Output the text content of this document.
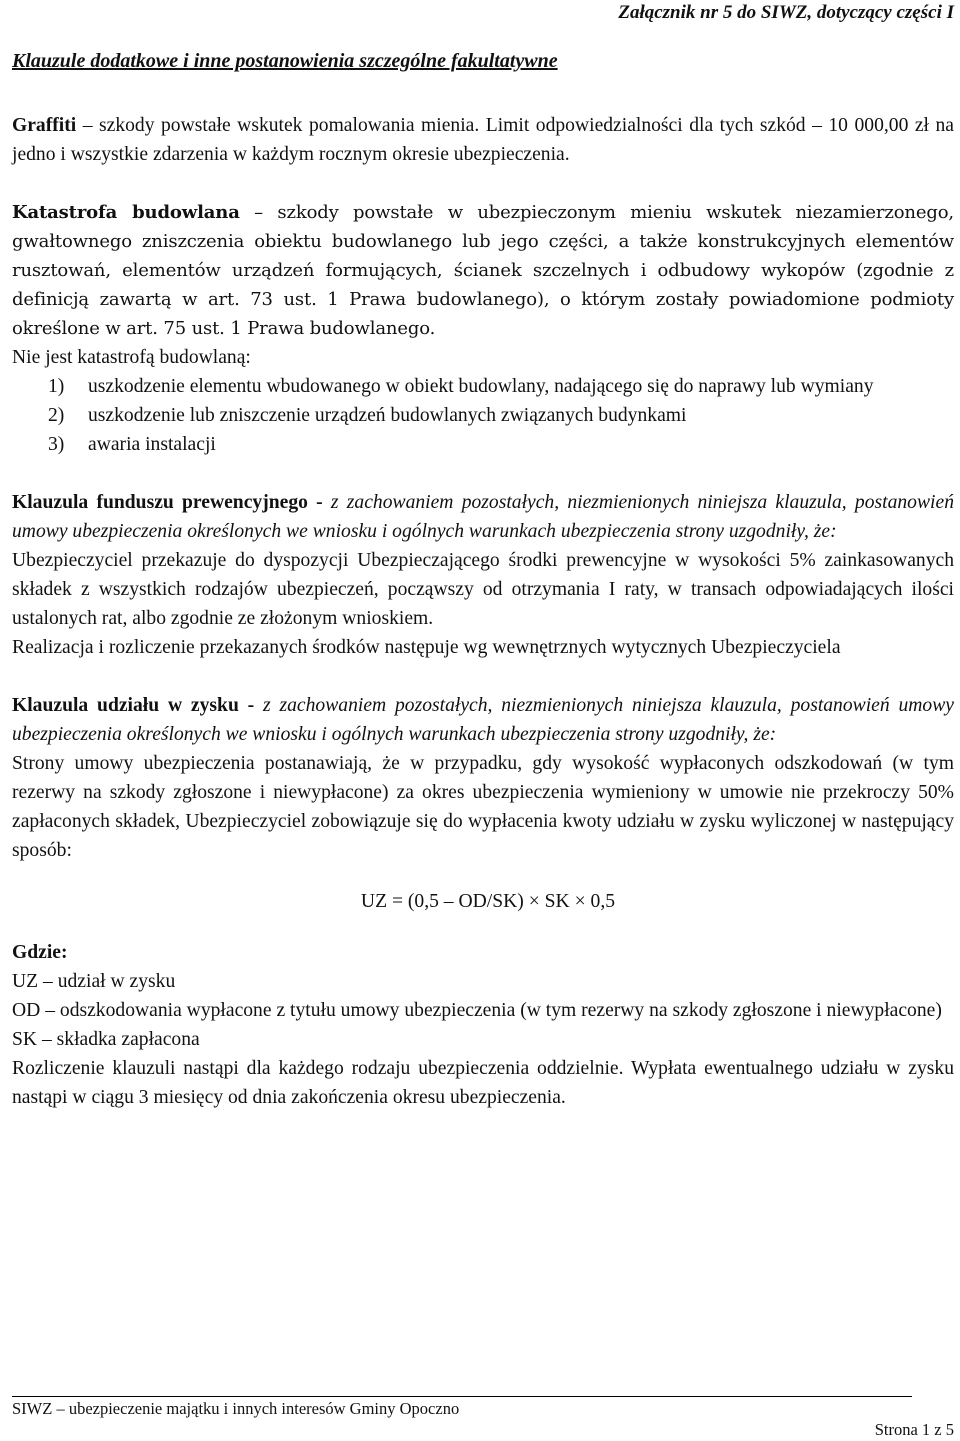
Załącznik nr 5 do SIWZ, dotyczący części I
Klauzule dodatkowe i inne postanowienia szczególne fakultatywne

Graffiti – szkody powstałe wskutek pomalowania mienia. Limit odpowiedzialności dla tych szkód – 10 000,00 zł na jedno i wszystkie zdarzenia w każdym rocznym okresie ubezpieczenia.

Katastrofa budowlana – szkody powstałe w ubezpieczonym mieniu wskutek niezamierzonego, gwałtownego zniszczenia obiektu budowlanego lub jego części, a także konstrukcyjnych elementów rusztowań, elementów urządzeń formujących, ścianek szczelnych i odbudowy wykopów (zgodnie z definicją zawartą w art. 73 ust. 1 Prawa budowlanego), o którym zostały powiadomione podmioty określone w art. 75 ust. 1 Prawa budowlanego.

Nie jest katastrofą budowlaną:

1) uszkodzenie elementu wbudowanego w obiekt budowlany, nadającego się do naprawy lub wymiany
2) uszkodzenie lub zniszczenie urządzeń budowlanych związanych budynkami
3) awaria instalacji

Klauzula funduszu prewencyjnego - z zachowaniem pozostałych, niezmienionych niniejsza klauzula, postanowień umowy ubezpieczenia określonych we wniosku i ogólnych warunkach ubezpieczenia strony uzgodniły, że:

Ubezpieczyciel przekazuje do dyspozycji Ubezpieczającego środki prewencyjne w wysokości 5% zainkasowanych składek z wszystkich rodzajów ubezpieczeń, począwszy od otrzymania I raty, w transach odpowiadających ilości ustalonych rat, albo zgodnie ze złożonym wnioskiem.

Realizacja i rozliczenie przekazanych środków następuje wg wewnętrznych wytycznych Ubezpieczyciela

Klauzula udziału w zysku - z zachowaniem pozostałych, niezmienionych niniejsza klauzula, postanowień umowy ubezpieczenia określonych we wniosku i ogólnych warunkach ubezpieczenia strony uzgodniły, że:

Strony umowy ubezpieczenia postanawiają, że w przypadku, gdy wysokość wypłaconych odszkodowań (w tym rezerwy na szkody zgłoszone i niewypłacone) za okres ubezpieczenia wymieniony w umowie nie przekroczy 50% zapłaconych składek, Ubezpieczyciel zobowiązuje się do wypłacenia kwoty udziału w zysku wyliczonej w następujący sposób:

UZ = (0,5 – OD/SK) × SK × 0,5

Gdzie:

UZ – udział w zysku

OD – odszkodowania wypłacone z tytułu umowy ubezpieczenia (w tym rezerwy na szkody zgłoszone i niewypłacone)

SK – składka zapłacona

Rozliczenie klauzuli nastąpi dla każdego rodzaju ubezpieczenia oddzielnie. Wypłata ewentualnego udziału w zysku nastąpi w ciągu 3 miesięcy od dnia zakończenia okresu ubezpieczenia.

SIWZ – ubezpieczenie majątku i innych interesów Gminy Opoczno
Strona 1 z 5
